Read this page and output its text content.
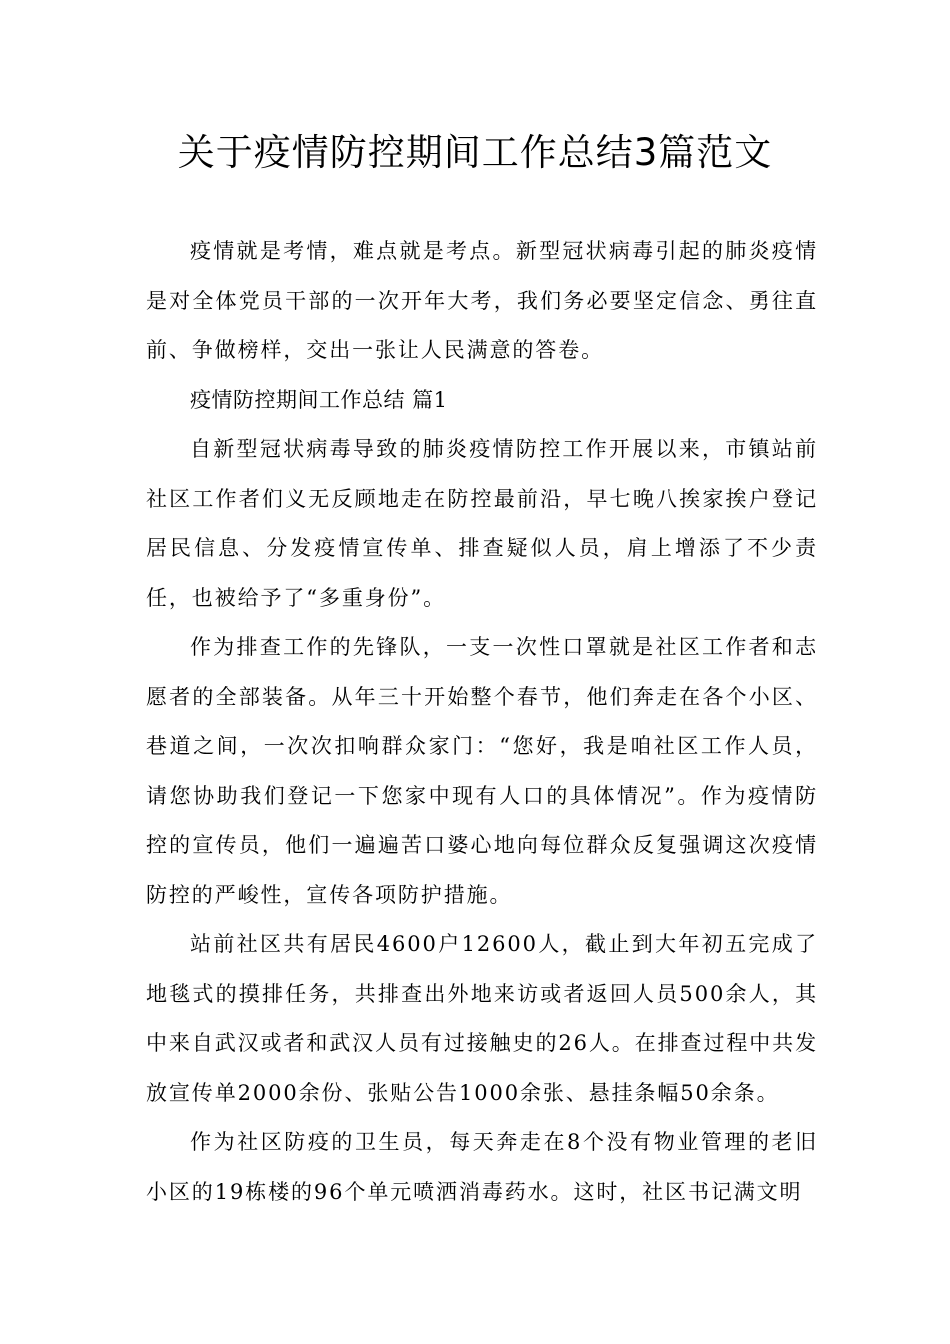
关于疫情防控期间工作总结3篇范文

疫情就是考情，难点就是考点。新型冠状病毒引起的肺炎疫情是对全体党员干部的一次开年大考，我们务必要坚定信念、勇往直前、争做榜样，交出一张让人民满意的答卷。

疫情防控期间工作总结 篇1

自新型冠状病毒导致的肺炎疫情防控工作开展以来，市镇站前社区工作者们义无反顾地走在防控最前沿，早七晚八挨家挨户登记居民信息、分发疫情宣传单、排查疑似人员，肩上增添了不少责任，也被给予了“多重身份”。

作为排查工作的先锋队，一支一次性口罩就是社区工作者和志愿者的全部装备。从年三十开始整个春节，他们奔走在各个小区、巷道之间，一次次扣响群众家门：“您好，我是咱社区工作人员，请您协助我们登记一下您家中现有人口的具体情况”。作为疫情防控的宣传员，他们一遍遍苦口婆心地向每位群众反复强调这次疫情防控的严峻性，宣传各项防护措施。

站前社区共有居民4600户12600人，截止到大年初五完成了地毯式的摸排任务，共排查出外地来访或者返回人员500余人，其中来自武汉或者和武汉人员有过接触史的26人。在排查过程中共发放宣传单2000余份、张贴公告1000余张、悬挂条幅50余条。

作为社区防疫的卫生员，每天奔走在8个没有物业管理的老旧小区的19栋楼的96个单元喷洒消毒药水。这时，社区书记满文明
